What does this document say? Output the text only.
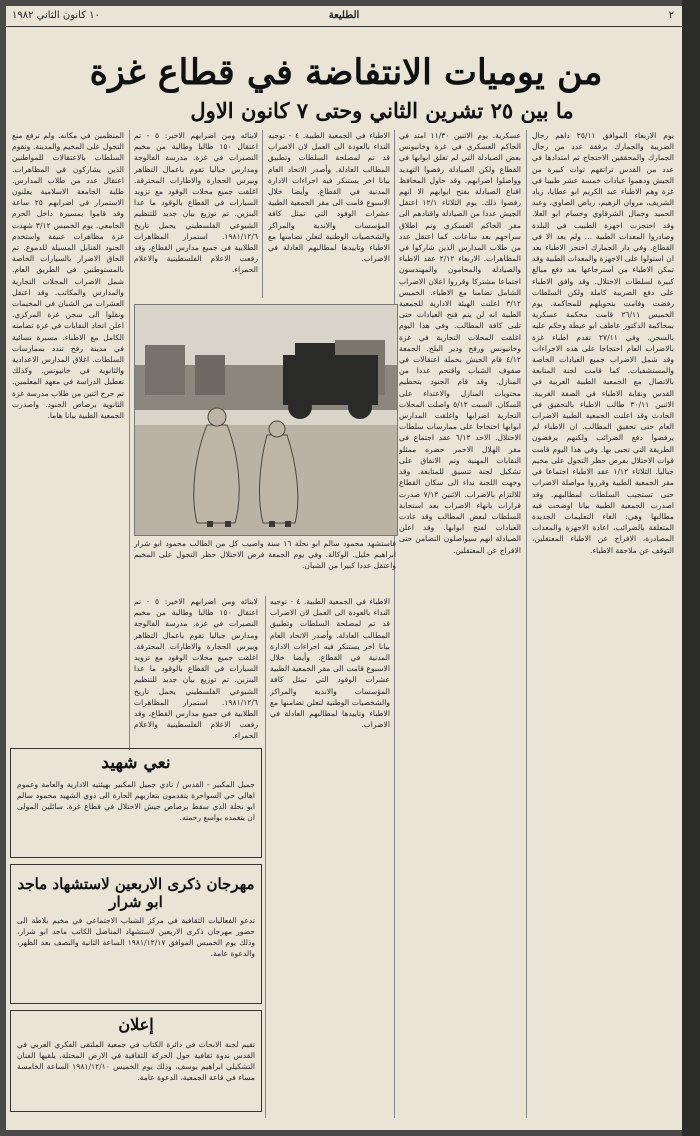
٢
الطليعة
١٠ كانون الثاني ١٩٨٢
من يوميات الانتفاضة في قطاع غزة
ما بين ٢٥ تشرين الثاني وحتى ٧ كانون الاول

يوم الاربعاء الموافق ٢٥/١١ داهم رجال الضريبة والجمارك برفقة عدد من رجال الجمارك والمحققين الاحتجاج ثم امتدادها في عدد من القدس تراتقهم ثوات كبيرة من الجيش ودهموا عيادات خمسة عشر طبيبا في غزة وهم الاطباء عبد الكريم ابو عطايا، زياد الشريف، مروان الزهيم، رياض الصاوي، وعبد الحميد وجمال الشرقاوي وحسام ابو العلا. وقد احتجزت اجهزة الطبيب في البلدة وصادروا المعدات الطبية ... ولم يعد الا في القطاع. وفي دار الجمارك احتجز الاطباء بعد ان استولوا على الاجهزة والمعدات الطبية وقد تمكن الاطباء من استرجاعها بعد دفع مبالغ كبيرة لسلطات الاحتلال. وقد وافق الاطباء على دفع الضريبة كاملة ولكن السلطات رفضت وقامت بتحويلهم للمحاكمة. يوم الخميس ٢٦/١١ قامت محكمة عسكرية بمحاكمة الدكتور عاطف ابو عيطة وحكم عليه بالسجن. وفي ٢٧/١١ تقدم اطباء غزة بالاضراب العام احتجاجا على هذه الاجراءات وقد شمل الاضراب جميع العيادات الخاصة والمستشفيات. كما قامت لجنة المتابعة بالاتصال مع الجمعية الطبية العربية في القدس ونقابة الاطباء في الضفة الغربية. الاثنين ٣٠/١١ طالب الاطباء بالتحقيق في الحادث وقد اعلنت الجمعية الطبية الاضراب العام حتى تحقيق المطالب. ان الاطباء لم يرفضوا دفع الضرائب ولكنهم يرفضون الطريقة التي تجبى بها. وفي هذا اليوم قامت قوات الاحتلال بفرض حظر التجول على مخيم جباليا. الثلاثاء ١/١٢ عقد الاطباء اجتماعا في مقر الجمعية الطبية وقرروا مواصلة الاضراب حتى تستجيب السلطات لمطالبهم. وقد اصدرت الجمعية الطبية بيانا اوضحت فيه مطالبها وهي: الغاء التعليمات الجديدة المتعلقة بالضرائب، اعادة الاجهزة والمعدات المصادرة، الافراج عن الاطباء المعتقلين، التوقف عن ملاحقة الاطباء.

عسكرية. يوم الاثنين ١١/٣٠ امتد في الحاكم العسكري في غزة وخانيونس بعض الصيادلة التي لم تغلق ابوابها في القطاع ولكن الصيادلة رفضوا التهديد وواصلوا اضرابهم. وقد حاول المحافظ اقناع الصيادلة بفتح ابوابهم الا انهم رفضوا ذلك. يوم الثلاثاء ١٢/١ اعتقل الجيش عددا من الصيادلة واقتادهم الى مقر الحاكم العسكري وتم اطلاق سراحهم بعد ساعات. كما اعتقل عدد من طلاب المدارس الذين شاركوا في المظاهرات. الاربعاء ٢/١٢ عقد الاطباء والصيادلة والمحامون والمهندسون اجتماعا مشتركا وقرروا اعلان الاضراب الشامل تضامنا مع الاطباء. الخميس ٣/١٢ اعلنت الهيئة الادارية للجمعية الطبية انه لن يتم فتح العيادات حتى تلبى كافة المطالب. وفي هذا اليوم اغلقت المحلات التجارية في غزة وخانيونس ورفح ودير البلح. الجمعة ٤/١٢ قام الجيش بحملة اعتقالات في صفوف الشباب واقتحم عددا من المنازل. وقد قام الجنود بتحطيم محتويات المنازل والاعتداء على السكان. السبت ٥/١٢ واصلت المحلات التجارية اضرابها واغلقت المدارس ابوابها احتجاجا على ممارسات سلطات الاحتلال. الاحد ٦/١٢ عقد اجتماع في مقر الهلال الاحمر حضره ممثلو النقابات المهنية وتم الاتفاق على تشكيل لجنة تنسيق للمتابعة. وقد وجهت اللجنة نداء الى سكان القطاع للالتزام بالاضراب. الاثنين ٧/١٢ صدرت قرارات بانهاء الاضراب بعد استجابة السلطات لبعض المطالب وقد عادت العيادات لفتح ابوابها. وقد اعلن الصيادلة انهم سيواصلون التضامن حتى الافراج عن المعتقلين.

الاطباء في الجمعية الطبية. ٤ - توجيه النداء بالعودة الى العمل لان الاضراب قد تم لمصلحة السلطات وتطبيق المطالب العادلة. وأصدر الاتحاد العام بيانا اخر يستنكر فيه اجراءات الادارة المدنية في القطاع. وأيضا خلال الاسبوع قامت الى مقر الجمعية الطبية عشرات الوفود التي تمثل كافة المؤسسات والاندية والمراكز والشخصيات الوطنية لتعلن تضامنها مع الاطباء وتاييدها لمطالبهم العادلة في الاضراب.

لابنائه ومن اضرابهم الاخير: ٥ - تم اعتقال ١٥٠ طالبا وطالبة من مخيم النصيرات في غزة. مدرسة الفالوجة ومدارس جباليا تقوم باعمال التظاهر وبيرس الحجارة والاطارات المحترقة. اغلقت جميع محلات الوقود مع تزويد السيارات في القطاع بالوقود ما عدا البنزين. تم توزيع بيان جديد للتنظيم الشيوعي الفلسطيني يحمل تاريخ ١٩٨١/١٢/٦. استمرار المظاهرات الطلابية في جميع مدارس القطاع، وقد رفعت الاعلام الفلسطينية والاعلام الحمراء.

المنظمين في مكانه. ولم ترفع منع التجول على المخيم والمدينة. وتقوم السلطات بالاعتقالات للمواطنين الذين يشاركون في المظاهرات. اعتقال عدد من طلاب المدارس. طلبة الجامعة الاسلامية يعلنون الاستمرار في اضرابهم ٢٥ ساعة وقد قاموا بمسيرة داخل الحرم الجامعي. يوم الخميس ٣/١٢ شهدت غزة مظاهرات عنيفة واستخدم الجنود القنابل المسيلة للدموع. تم الحاق الاضرار بالسيارات الخاصة بالمستوطنين في الطريق العام. شمل الاضراب المحلات التجارية والمدارس والمكاتب. وقد اعتقل العشرات من الشبان في المخيمات ونقلوا الى سجن غزة المركزي. اعلن اتحاد النقابات في غزة تضامنه الكامل مع الاطباء. مسيرة نسائية في مدينة رفح تندد بممارسات السلطات. اغلاق المدارس الاعدادية والثانوية في خانيونس. وكذلك تعطيل الدراسة في معهد المعلمين. تم جرح اثنين من طلاب مدرسة غزة الثانوية برصاص الجنود. واصدرت الجمعية الطبية بيانا هاما.

فاستشهد محمود سالم ابو نحلة ١٦ سنة واصيب كل من الطالب محمود ابو شرار ابراهيم خليل. الوكالة. وفي يوم الجمعة فرض الاحتلال حظر التجول على المخيم واعتقل عددا كبيرا من الشبان.
نعي شهيد
جميل المكبير - القدس / نادي جميل المكبير بهيئتيه الادارية والعامة وعموم اهالي حي السواحرة يتقدمون بتعازيهم الحارة الى ذوي الشهيد محمود سالم ابو نحلة الذي سقط برصاص جيش الاحتلال في قطاع غزة. سائلين المولى ان يتغمده بواسع رحمته.
مهرجان ذكرى الاربعين لاستشهاد ماجد ابو شرار
تدعو الفعاليات الثقافية في مركز الشباب الاجتماعي في مخيم بلاطة الى حضور مهرجان ذكرى الاربعين لاستشهاد المناضل الكاتب ماجد ابو شرار، وذلك يوم الخميس الموافق ١٩٨١/١٢/١٧ الساعة الثانية والنصف بعد الظهر، والدعوة عامة.
إعلان
تقيم لجنة الابحاث في دائرة الكتاب في جمعية الملتقى الفكري العربي في القدس ندوة ثقافية حول الحركة الثقافية في الارض المحتلة، يلقيها الفنان التشكيلي ابراهيم يوسف، وذلك يوم الخميس ١٩٨١/١٢/١٠ الساعة الخامسة مساء في قاعة الجمعية، الدعوة عامة.

الاطباء في الجمعية الطبية. ٤ - توجيه النداء بالعودة الى العمل لان الاضراب قد تم لمصلحة السلطات وتطبيق المطالب العادلة. وأصدر الاتحاد العام بيانا اخر يستنكر فيه اجراءات الادارة المدنية في القطاع. وأيضا خلال الاسبوع قامت الى مقر الجمعية الطبية عشرات الوفود التي تمثل كافة المؤسسات والاندية والمراكز والشخصيات الوطنية لتعلن تضامنها مع الاطباء وتاييدها لمطالبهم العادلة في الاضراب.

لابنائه ومن اضرابهم الاخير: ٥ - تم اعتقال ١٥٠ طالبا وطالبة من مخيم النصيرات في غزة. مدرسة الفالوجة ومدارس جباليا تقوم باعمال التظاهر وبيرس الحجارة والاطارات المحترقة. اغلقت جميع محلات الوقود مع تزويد السيارات في القطاع بالوقود ما عدا البنزين. تم توزيع بيان جديد للتنظيم الشيوعي الفلسطيني يحمل تاريخ ١٩٨١/١٢/٦. استمرار المظاهرات الطلابية في جميع مدارس القطاع، وقد رفعت الاعلام الفلسطينية والاعلام الحمراء.
